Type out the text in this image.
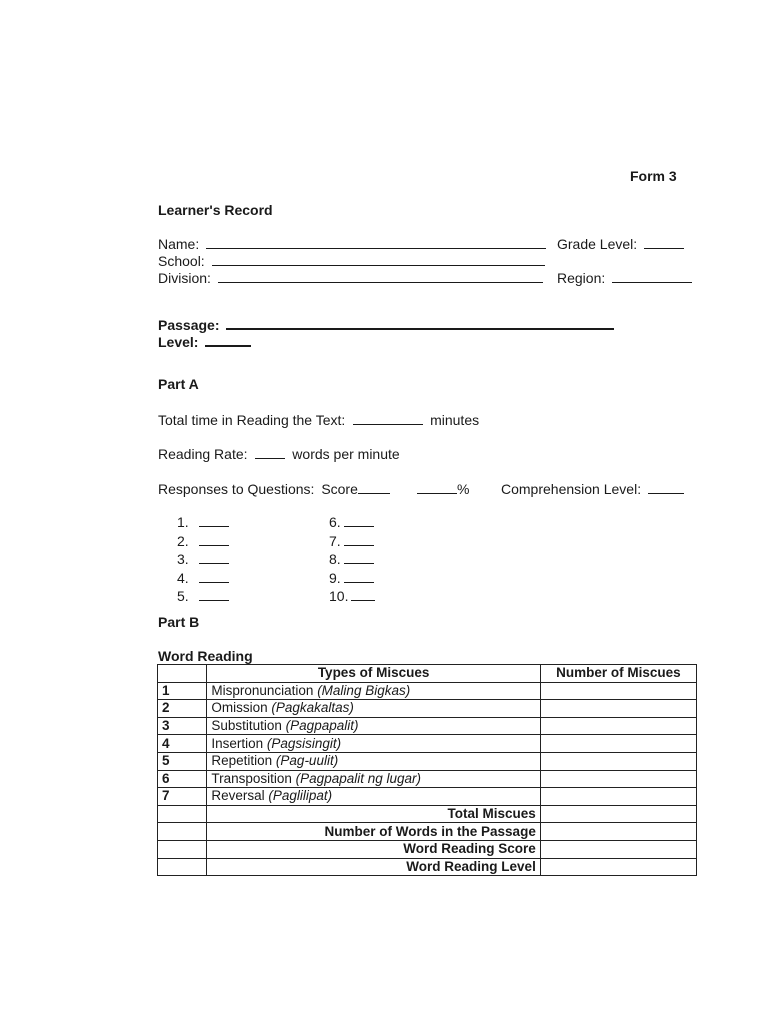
Form 3
Learner's Record
Name:	Grade Level:
School:
Division:	Region:
Passage:
Level:
Part A
Total time in Reading the Text:	minutes
Reading Rate:	words per minute
Responses to Questions: Score	% Comprehension Level:
1.
2.
3.
4.
5.
6.
7.
8.
9.
10.
Part B
Word Reading
	Types of Miscues	Number of Miscues
1	Mispronunciation (Maling Bigkas)	
2	Omission (Pagkakaltas)	
3	Substitution (Pagpapalit)	
4	Insertion (Pagsisingit)	
5	Repetition (Pag-uulit)	
6	Transposition (Pagpapalit ng lugar)	
7	Reversal (Paglilipat)	
	Total Miscues	
	Number of Words in the Passage	
	Word Reading Score	
	Word Reading Level	
